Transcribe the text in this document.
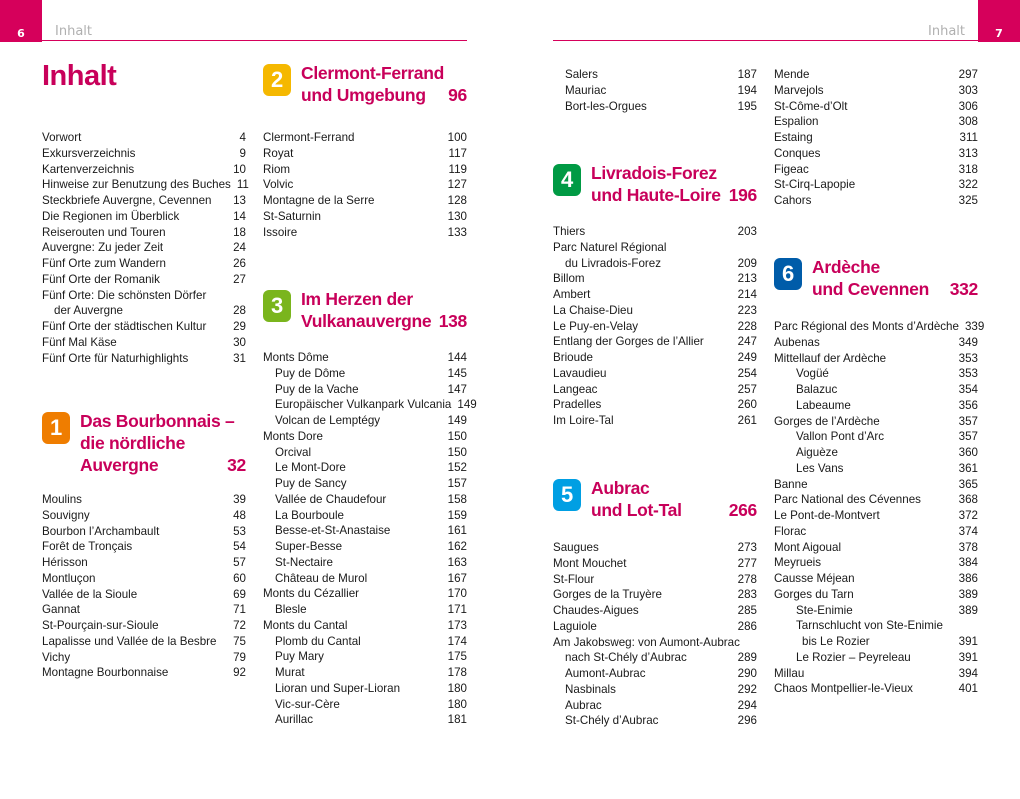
6 Inhalt	Inhalt	7
Inhalt
Vorwort	4
Exkursverzeichnis	9
Kartenverzeichnis	10
Hinweise zur Benutzung des Buches 11
Steckbriefe Auvergne, Cevennen	13
Die Regionen im Überblick	14
Reiserouten und Touren	18
Auvergne: Zu jeder Zeit	24
Fünf Orte zum Wandern	26
Fünf Orte der Romanik	27
Fünf Orte: Die schönsten Dörfer
der Auvergne	28
Fünf Orte der städtischen Kultur	29
Fünf Mal Käse	30
Fünf Orte für Naturhighlights	31
Moulins	39
Souvigny	48
Bourbon l’Archambault	53
Forêt de Tronçais	54
Hérisson	57
Montluçon	60
Vallée de la Sioule	69
Gannat	71
St-Pourçain-sur-Sioule	72
Lapalisse und Vallée de la Besbre	75
Vichy	79
Montagne Bourbonnaise	92
Clermont-Ferrand	100
Royat	117
Riom	119
Volvic	127
Montagne de la Serre	128
St-Saturnin	130
Issoire	133
Monts Dôme	144
Puy de Dôme	145
Puy de la Vache	147
Europäischer Vulkanpark Vulcania 149
Volcan de Lemptégy	149
Monts Dore	150
Orcival	150
Le Mont-Dore	152
Puy de Sancy	157
Vallée de Chaudefour	158
La Bourboule	159
Besse-et-St-Anastaise	161
Super-Besse	162
St-Nectaire	163
Château de Murol	167
Monts du Cézallier	170
Blesle	171
Monts du Cantal	173
Plomb du Cantal	174
Puy Mary	175
Murat	178
Lioran und Super-Lioran	180
Vic-sur-Cère	180
Aurillac	181
Salers	187
Mauriac	194
Bort-les-Orgues	195
Thiers	203
Parc Naturel Régional
du Livradois-Forez	209
Billom	213
Ambert	214
La Chaise-Dieu	223
Le Puy-en-Velay	228
Entlang der Gorges de l’Allier	247
Brioude	249
Lavaudieu	254
Langeac	257
Pradelles	260
Im Loire-Tal	261
Saugues	273
Mont Mouchet	277
St-Flour	278
Gorges de la Truyère	283
Chaudes-Aigues	285
Laguiole	286
Am Jakobsweg: von Aumont-Aubrac
nach St-Chély d’Aubrac	289
Aumont-Aubrac	290
Nasbinals	292
Aubrac	294
St-Chély d’Aubrac	296
Mende	297
Marvejols	303
St-Côme-d’Olt	306
Espalion	308
Estaing	311
Conques	313
Figeac	318
St-Cirq-Lapopie	322
Cahors	325
Parc Régional des Monts d’Ardèche 339
Aubenas	349
Mittellauf der Ardèche	353
Vogüé	353
Balazuc	354
Labeaume	356
Gorges de l’Ardèche	357
Vallon Pont d’Arc	357
Aiguèze	360
Les Vans	361
Banne	365
Parc National des Cévennes	368
Le Pont-de-Montvert	372
Florac	374
Mont Aigoual	378
Meyrueis	384
Causse Méjean	386
Gorges du Tarn	389
Ste-Enimie	389
Tarnschlucht von Ste-Enimie
bis Le Rozier	391
Le Rozier – Peyreleau	391
Millau	394
Chaos Montpellier-le-Vieux	401
1	Das Bourbonnais –
die nördliche
Auvergne	32
2	Clermont-Ferrand
und Umgebung	96
3	Im Herzen der
Vulkanauvergne 138
4	Livradois-Forez
und Haute-Loire 196
5	Aubrac
und Lot-Tal	266
6	Ardèche
und Cevennen 332
